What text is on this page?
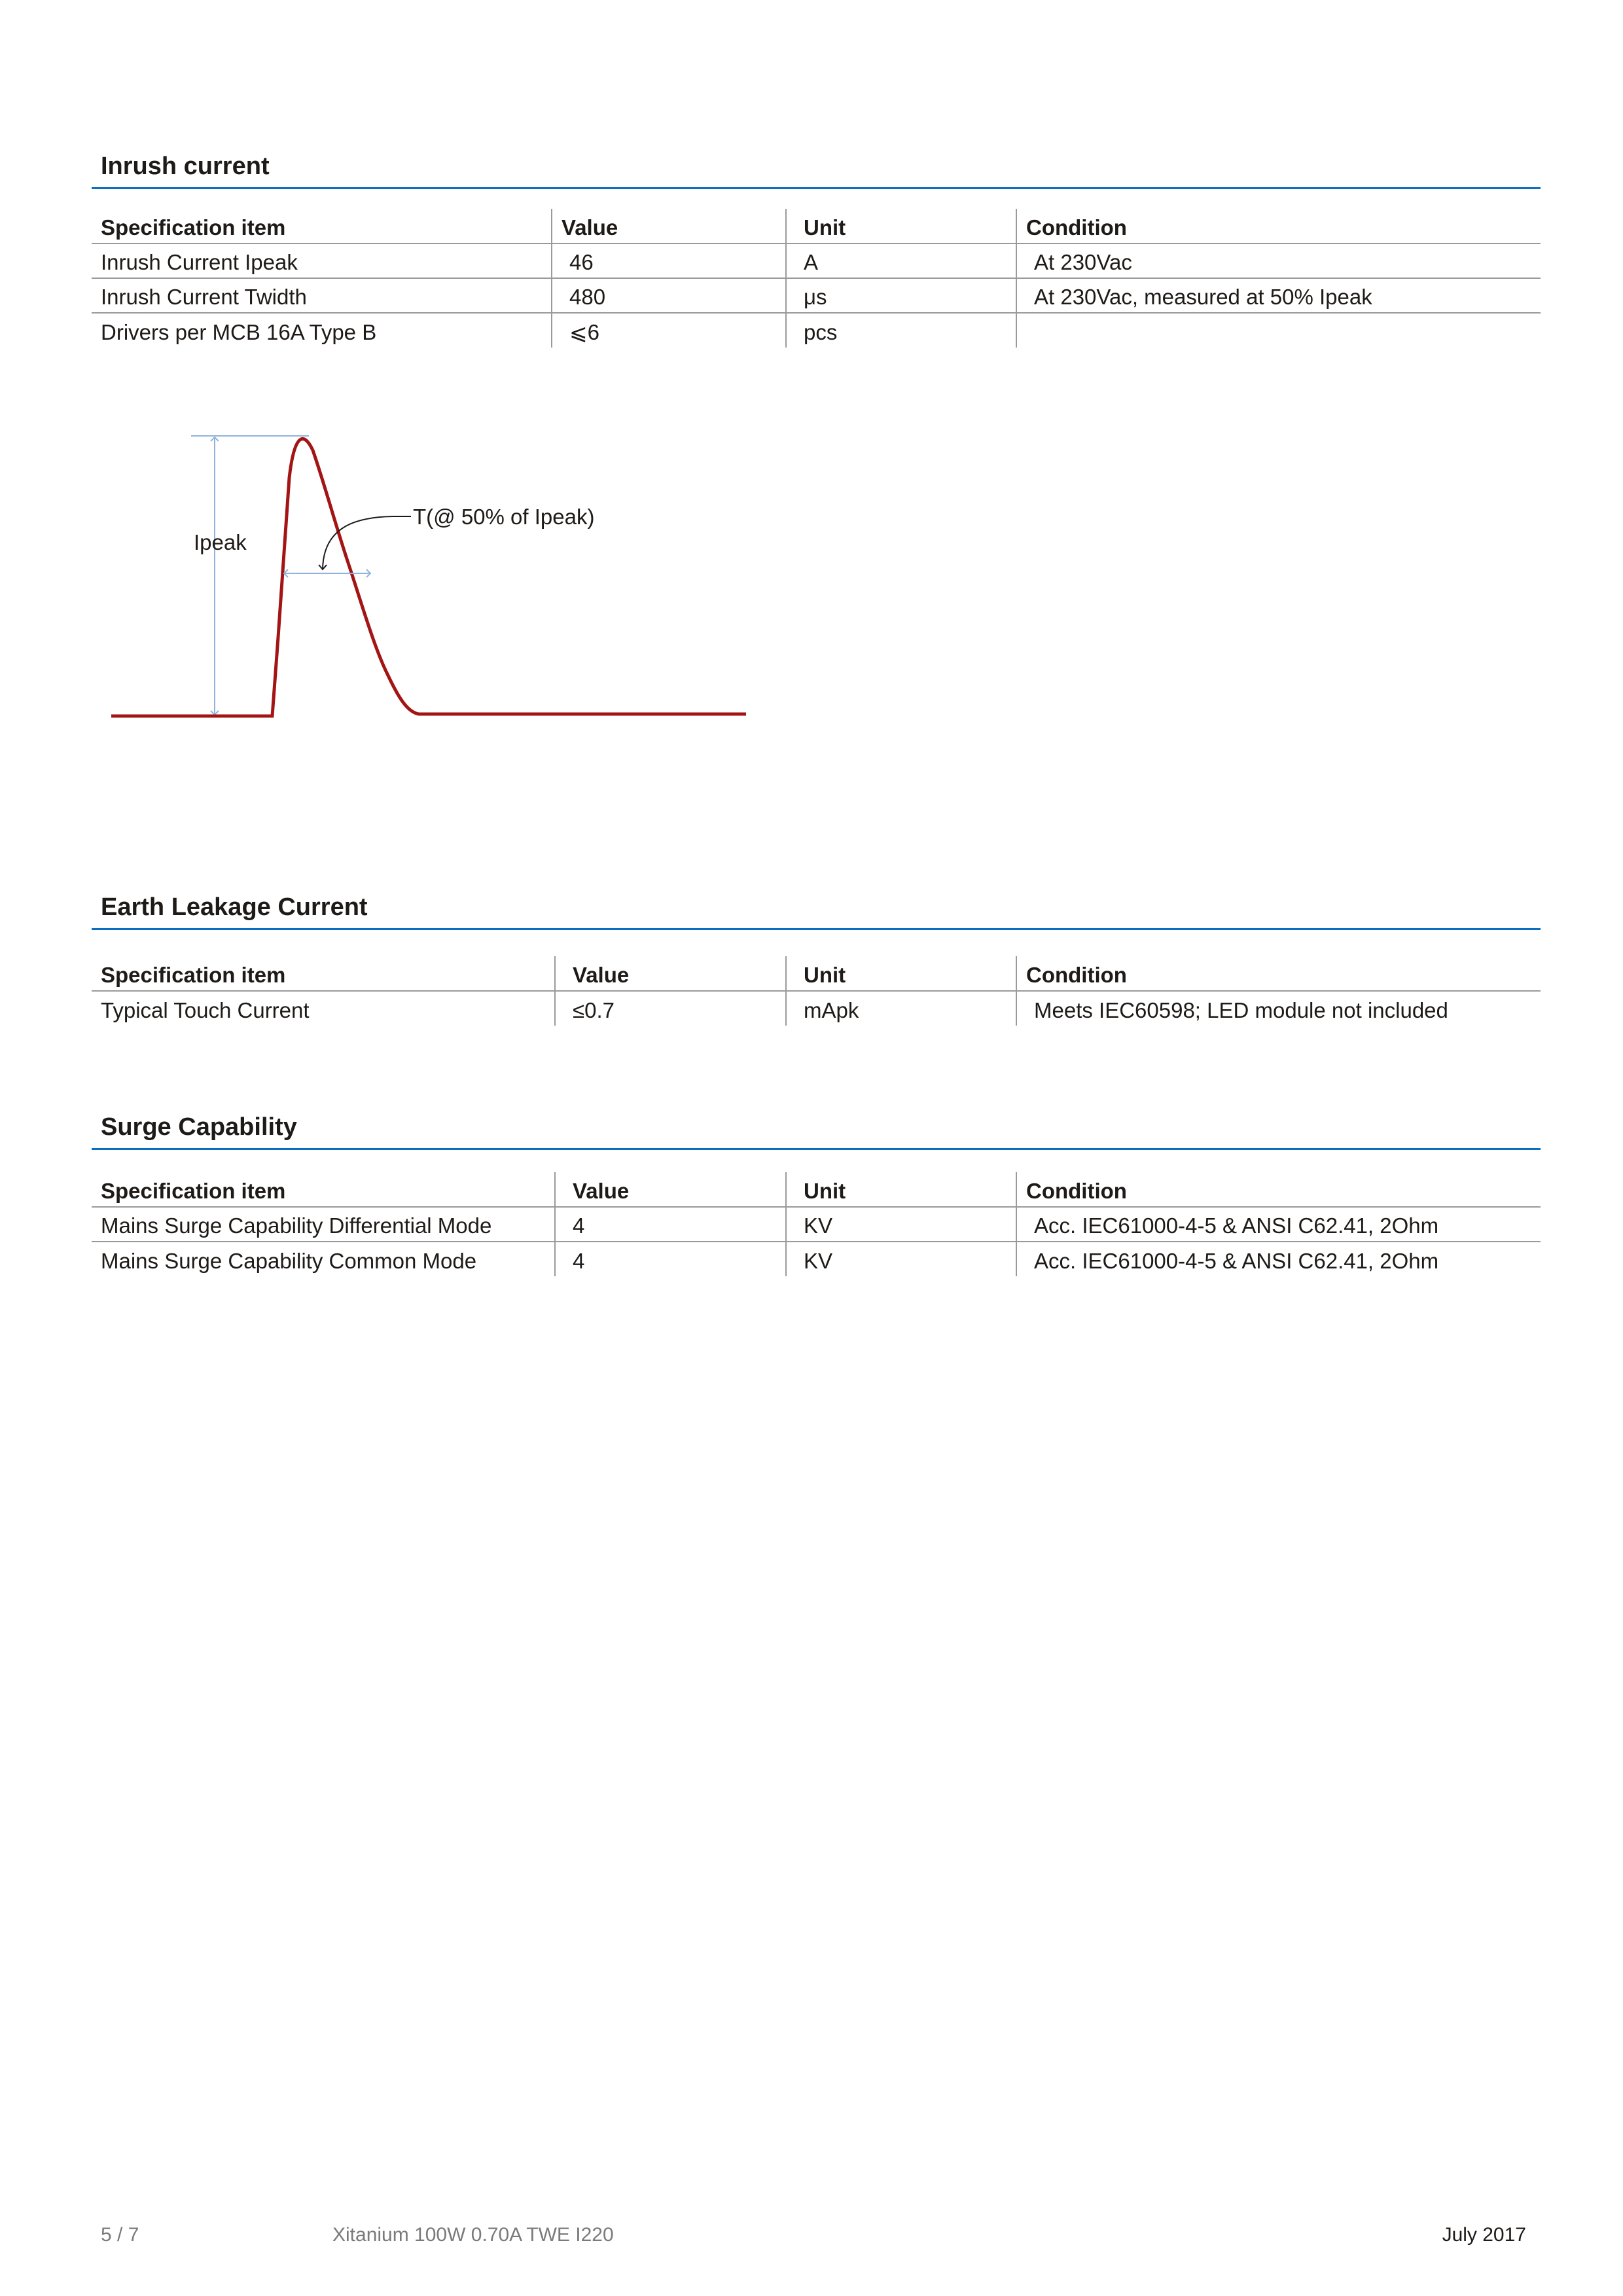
Inrush current
Specification item	Value	Unit	Condition
Inrush Current Ipeak	46	A	At 230Vac
Inrush Current Twidth	480	μs	At 230Vac, measured at 50% Ipeak
Drivers per MCB 16A Type B	⩽6	pcs	
Ipeak
T(@ 50% of Ipeak)
Earth Leakage Current
Specification item	Value	Unit	Condition
Typical Touch Current	≤0.7	mApk	Meets IEC60598; LED module not included
Surge Capability
Specification item	Value	Unit	Condition
Mains Surge Capability Differential Mode	4	KV	Acc. IEC61000-4-5 & ANSI C62.41, 2Ohm
Mains Surge Capability Common Mode	4	KV	Acc. IEC61000-4-5 & ANSI C62.41, 2Ohm
5 / 7	Xitanium 100W 0.70A TWE I220	July 2017
